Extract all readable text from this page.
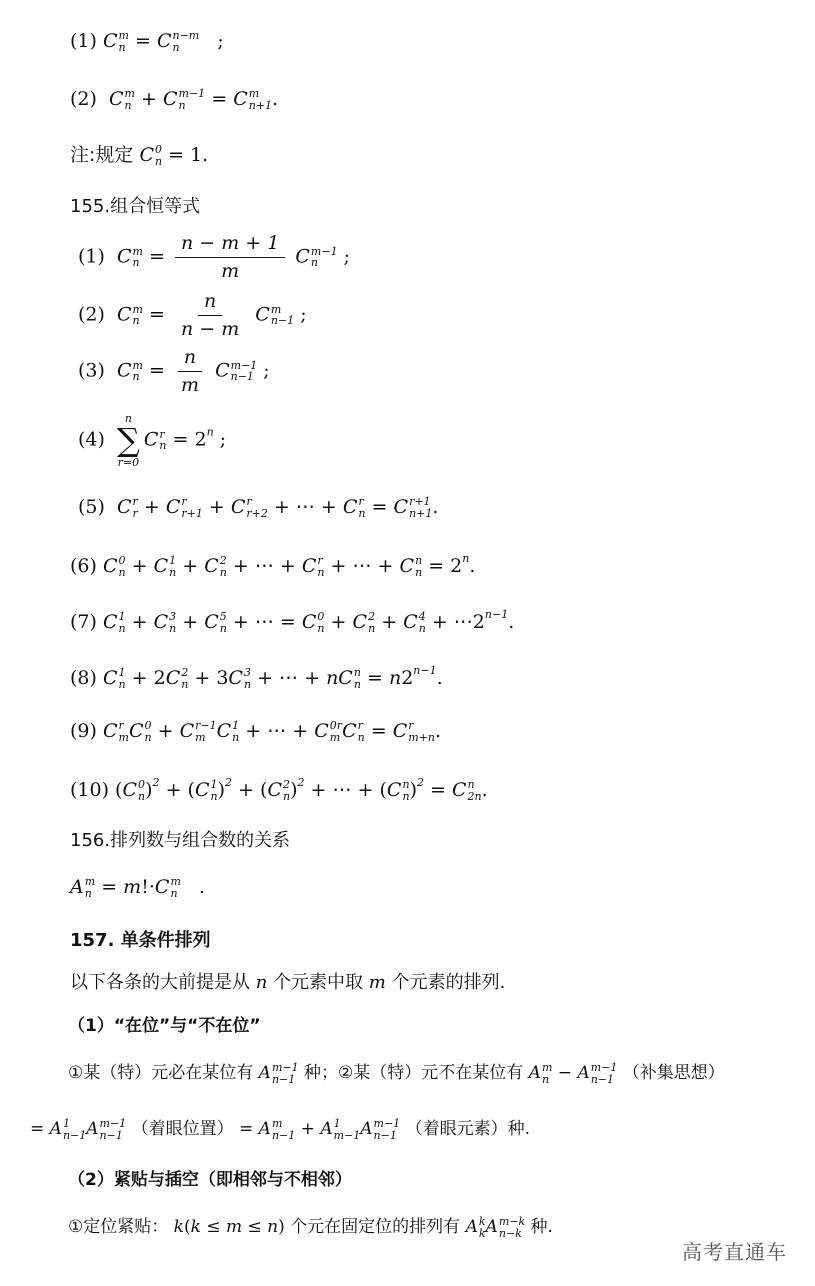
(1) C m
n = C n−m
n	;
(2)  C m
n + C m−1
n	= C m
n+1 .
注:规定 C 0
n = 1.
155.组合恒等式
(1)  C m
$n = \frac{n - m + 1}{m}$ C m−1
n	;
(2)  C m
$n = \frac{n}{n - m}$ C m
n−1 ;
(3)  C m
$n = \frac{n}{m}$ C m−1
n−1 ;
(4)
n
∑
r=0
C r
$n = 2^n$ ;
(5)  C r
r + C r
r+1 + C r
r+2 + ⋯ + C r
n = C r+1
n+1 .
(6) C 0
n + C 1
n + C 2
n + ⋯ + C r
n + ⋯ + C n
$n = 2^n$.
(7) C 1
n + C 3
n + C 5
n + ⋯ = C 0
n + C 2
n + C 4
$n + \cdots 2^{n-1}$.
(8) C 1
n + 2C 2
n + 3C 3
n + ⋯ + nC n
$n = n2^{n-1}$.
(9) C r
m C 0
n + C r−1
m C 1
n + ⋯ + C 0r
m C r
n = C r
m+n .
(10) (C 0
n )$^2$ + (C 1
n )$^2$ + (C 2
n )$^2$ + ⋯ + (C n
n )$^2$ = C n
2n .
156.排列数与组合数的关系
A m
n = m!·C m
n .
157. 单条件排列
以下各条的大前提是从 n 个元素中取 m 个元素的排列.
（1）“在位”与“不在位”
①某（特）元必在某位有 A m−1
n−1 种；②某（特）元不在某位有 A m
n − A m−1
n−1 （补集思想）
= A 1
n−1 A m−1
n−1 （着眼位置） = A m
n−1 + A 1
m−1 A m−1
n−1 （着眼元素）种.
（2）紧贴与插空（即相邻与不相邻）
①定位紧贴： k(k ≤ m ≤ n) 个元在固定位的排列有 A k
k A m−k
n−k 种.
高考直通车
